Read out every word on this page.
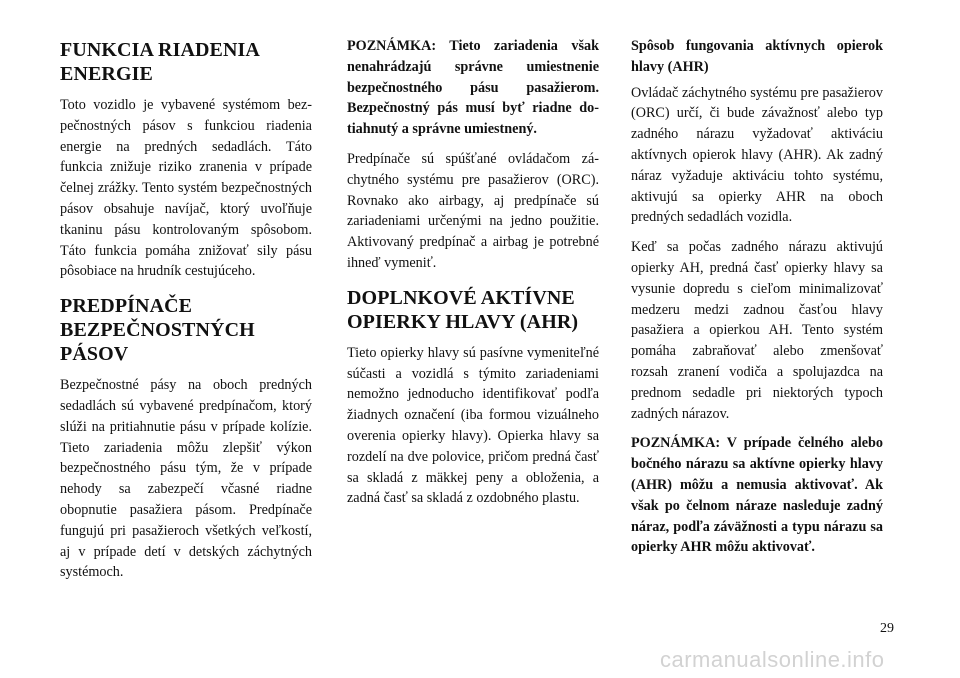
FUNKCIA RIADENIA ENERGIE

Toto vozidlo je vybavené systémom bezpečnostných pásov s funkciou riadenia energie na predných sedadlách. Táto funkcia znižuje riziko zranenia v prípade čelnej zrážky. Tento systém bezpečnostných pásov obsahuje navíjač, ktorý uvoľňuje tkaninu pásu kontrolovaným spôsobom. Táto funkcia pomáha znižovať sily pásu pôsobiace na hrudník cestujúceho.

PREDPÍNAČE BEZPEČNOSTNÝCH PÁSOV

Bezpečnostné pásy na oboch predných sedadlách sú vybavené predpínačom, ktorý slúži na pritiahnutie pásu v prípade kolízie. Tieto zariadenia môžu zlepšiť výkon bezpečnostného pásu tým, že v prípade nehody sa zabezpečí včasné riadne obopnutie pasažiera pásom. Predpínače fungujú pri pasažieroch všetkých veľkostí, aj v prípade detí v detských záchytných systémoch.

POZNÁMKA: Tieto zariadenia však nenahrádzajú správne umiestnenie bezpečnostného pásu pasažierom. Bezpečnostný pás musí byť riadne dotiahnutý a správne umiestnený.

Predpínače sú spúšťané ovládačom záchytného systému pre pasažierov (ORC). Rovnako ako airbagy, aj predpínače sú zariadeniami určenými na jedno použitie. Aktivovaný predpínač a airbag je potrebné ihneď vymeniť.

DOPLNKOVÉ AKTÍVNE OPIERKY HLAVY (AHR)

Tieto opierky hlavy sú pasívne vymeniteľné súčasti a vozidlá s týmito zariadeniami nemožno jednoducho identifikovať podľa žiadnych označení (iba formou vizuálneho overenia opierky hlavy). Opierka hlavy sa rozdelí na dve polovice, pričom predná časť sa skladá z mäkkej peny a obloženia, a zadná časť sa skladá z ozdobného plastu.

Spôsob fungovania aktívnych opierok hlavy (AHR)

Ovládač záchytného systému pre pasažierov (ORC) určí, či bude závažnosť alebo typ zadného nárazu vyžadovať aktiváciu aktívnych opierok hlavy (AHR). Ak zadný náraz vyžaduje aktiváciu tohto systému, aktivujú sa opierky AHR na oboch predných sedadlách vozidla.

Keď sa počas zadného nárazu aktivujú opierky AH, predná časť opierky hlavy sa vysunie dopredu s cieľom minimalizovať medzeru medzi zadnou časťou hlavy pasažiera a opierkou AH. Tento systém pomáha zabraňovať alebo zmenšovať rozsah zranení vodiča a spolujazdca na prednom sedadle pri niektorých typoch zadných nárazov.

POZNÁMKA: V prípade čelného alebo bočného nárazu sa aktívne opierky hlavy (AHR) môžu a nemusia aktivovať. Ak však po čelnom náraze nasleduje zadný náraz, podľa záväžnosti a typu nárazu sa opierky AHR môžu aktivovať.

29
carmanualsonline.info
